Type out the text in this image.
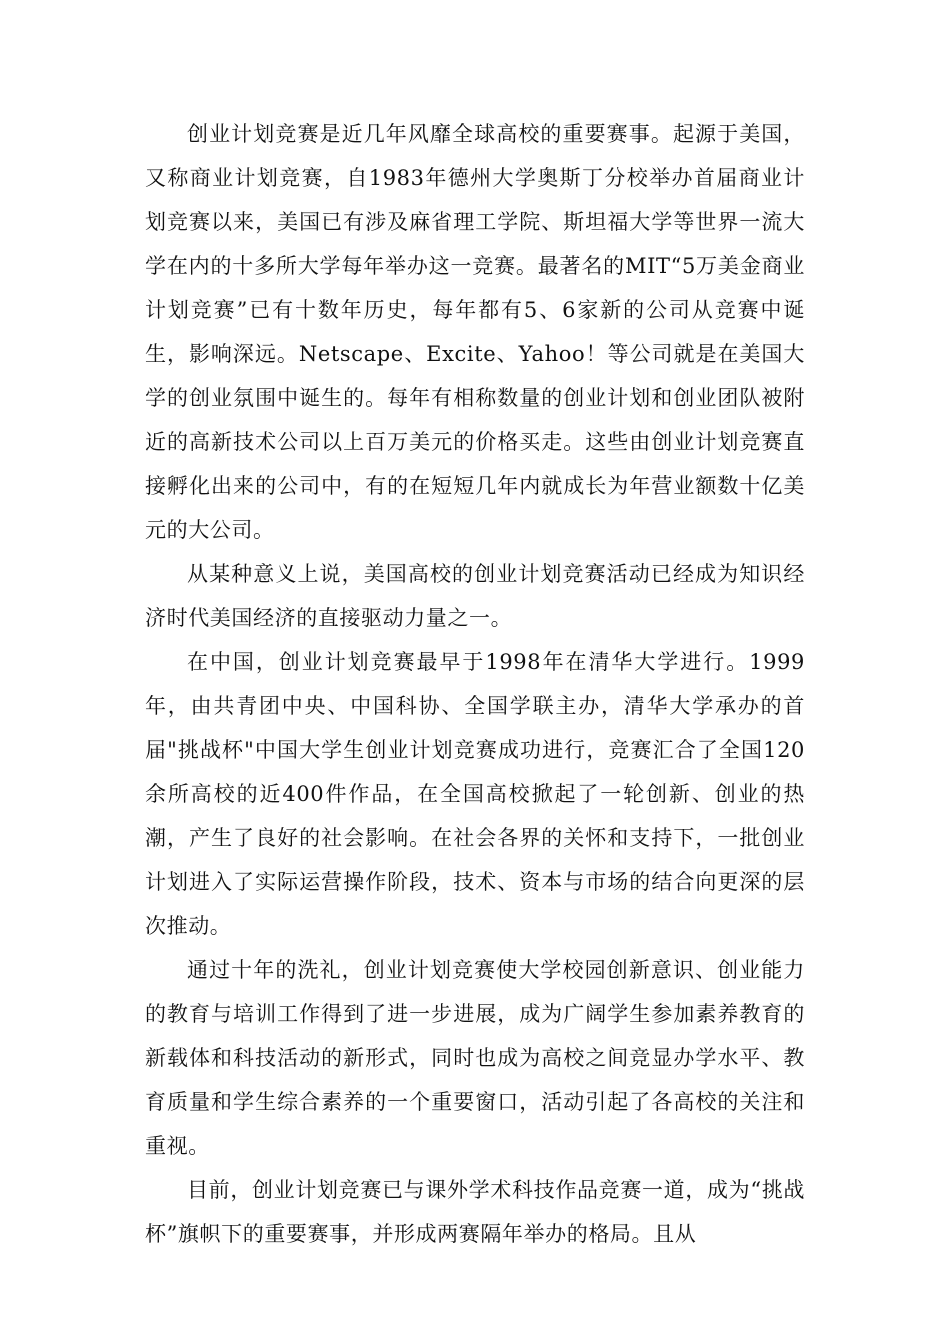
创业计划竞赛是近几年风靡全球高校的重要赛事。起源于美国，又称商业计划竞赛，自1983年德州大学奥斯丁分校举办首届商业计划竞赛以来，美国已有涉及麻省理工学院、斯坦福大学等世界一流大学在内的十多所大学每年举办这一竞赛。最著名的MIT“5万美金商业计划竞赛”已有十数年历史，每年都有5、6家新的公司从竞赛中诞生，影响深远。Netscape、Excite、Yahoo！等公司就是在美国大学的创业氛围中诞生的。每年有相称数量的创业计划和创业团队被附近的高新技术公司以上百万美元的价格买走。这些由创业计划竞赛直接孵化出来的公司中，有的在短短几年内就成长为年营业额数十亿美元的大公司。

从某种意义上说，美国高校的创业计划竞赛活动已经成为知识经济时代美国经济的直接驱动力量之一。

在中国，创业计划竞赛最早于1998年在清华大学进行。1999年，由共青团中央、中国科协、全国学联主办，清华大学承办的首届"挑战杯"中国大学生创业计划竞赛成功进行，竞赛汇合了全国120余所高校的近400件作品，在全国高校掀起了一轮创新、创业的热潮，产生了良好的社会影响。在社会各界的关怀和支持下，一批创业计划进入了实际运营操作阶段，技术、资本与市场的结合向更深的层次推动。

通过十年的洗礼，创业计划竞赛使大学校园创新意识、创业能力的教育与培训工作得到了进一步进展，成为广阔学生参加素养教育的新载体和科技活动的新形式，同时也成为高校之间竞显办学水平、教育质量和学生综合素养的一个重要窗口，活动引起了各高校的关注和重视。

目前，创业计划竞赛已与课外学术科技作品竞赛一道，成为“挑战杯”旗帜下的重要赛事，并形成两赛隔年举办的格局。且从
